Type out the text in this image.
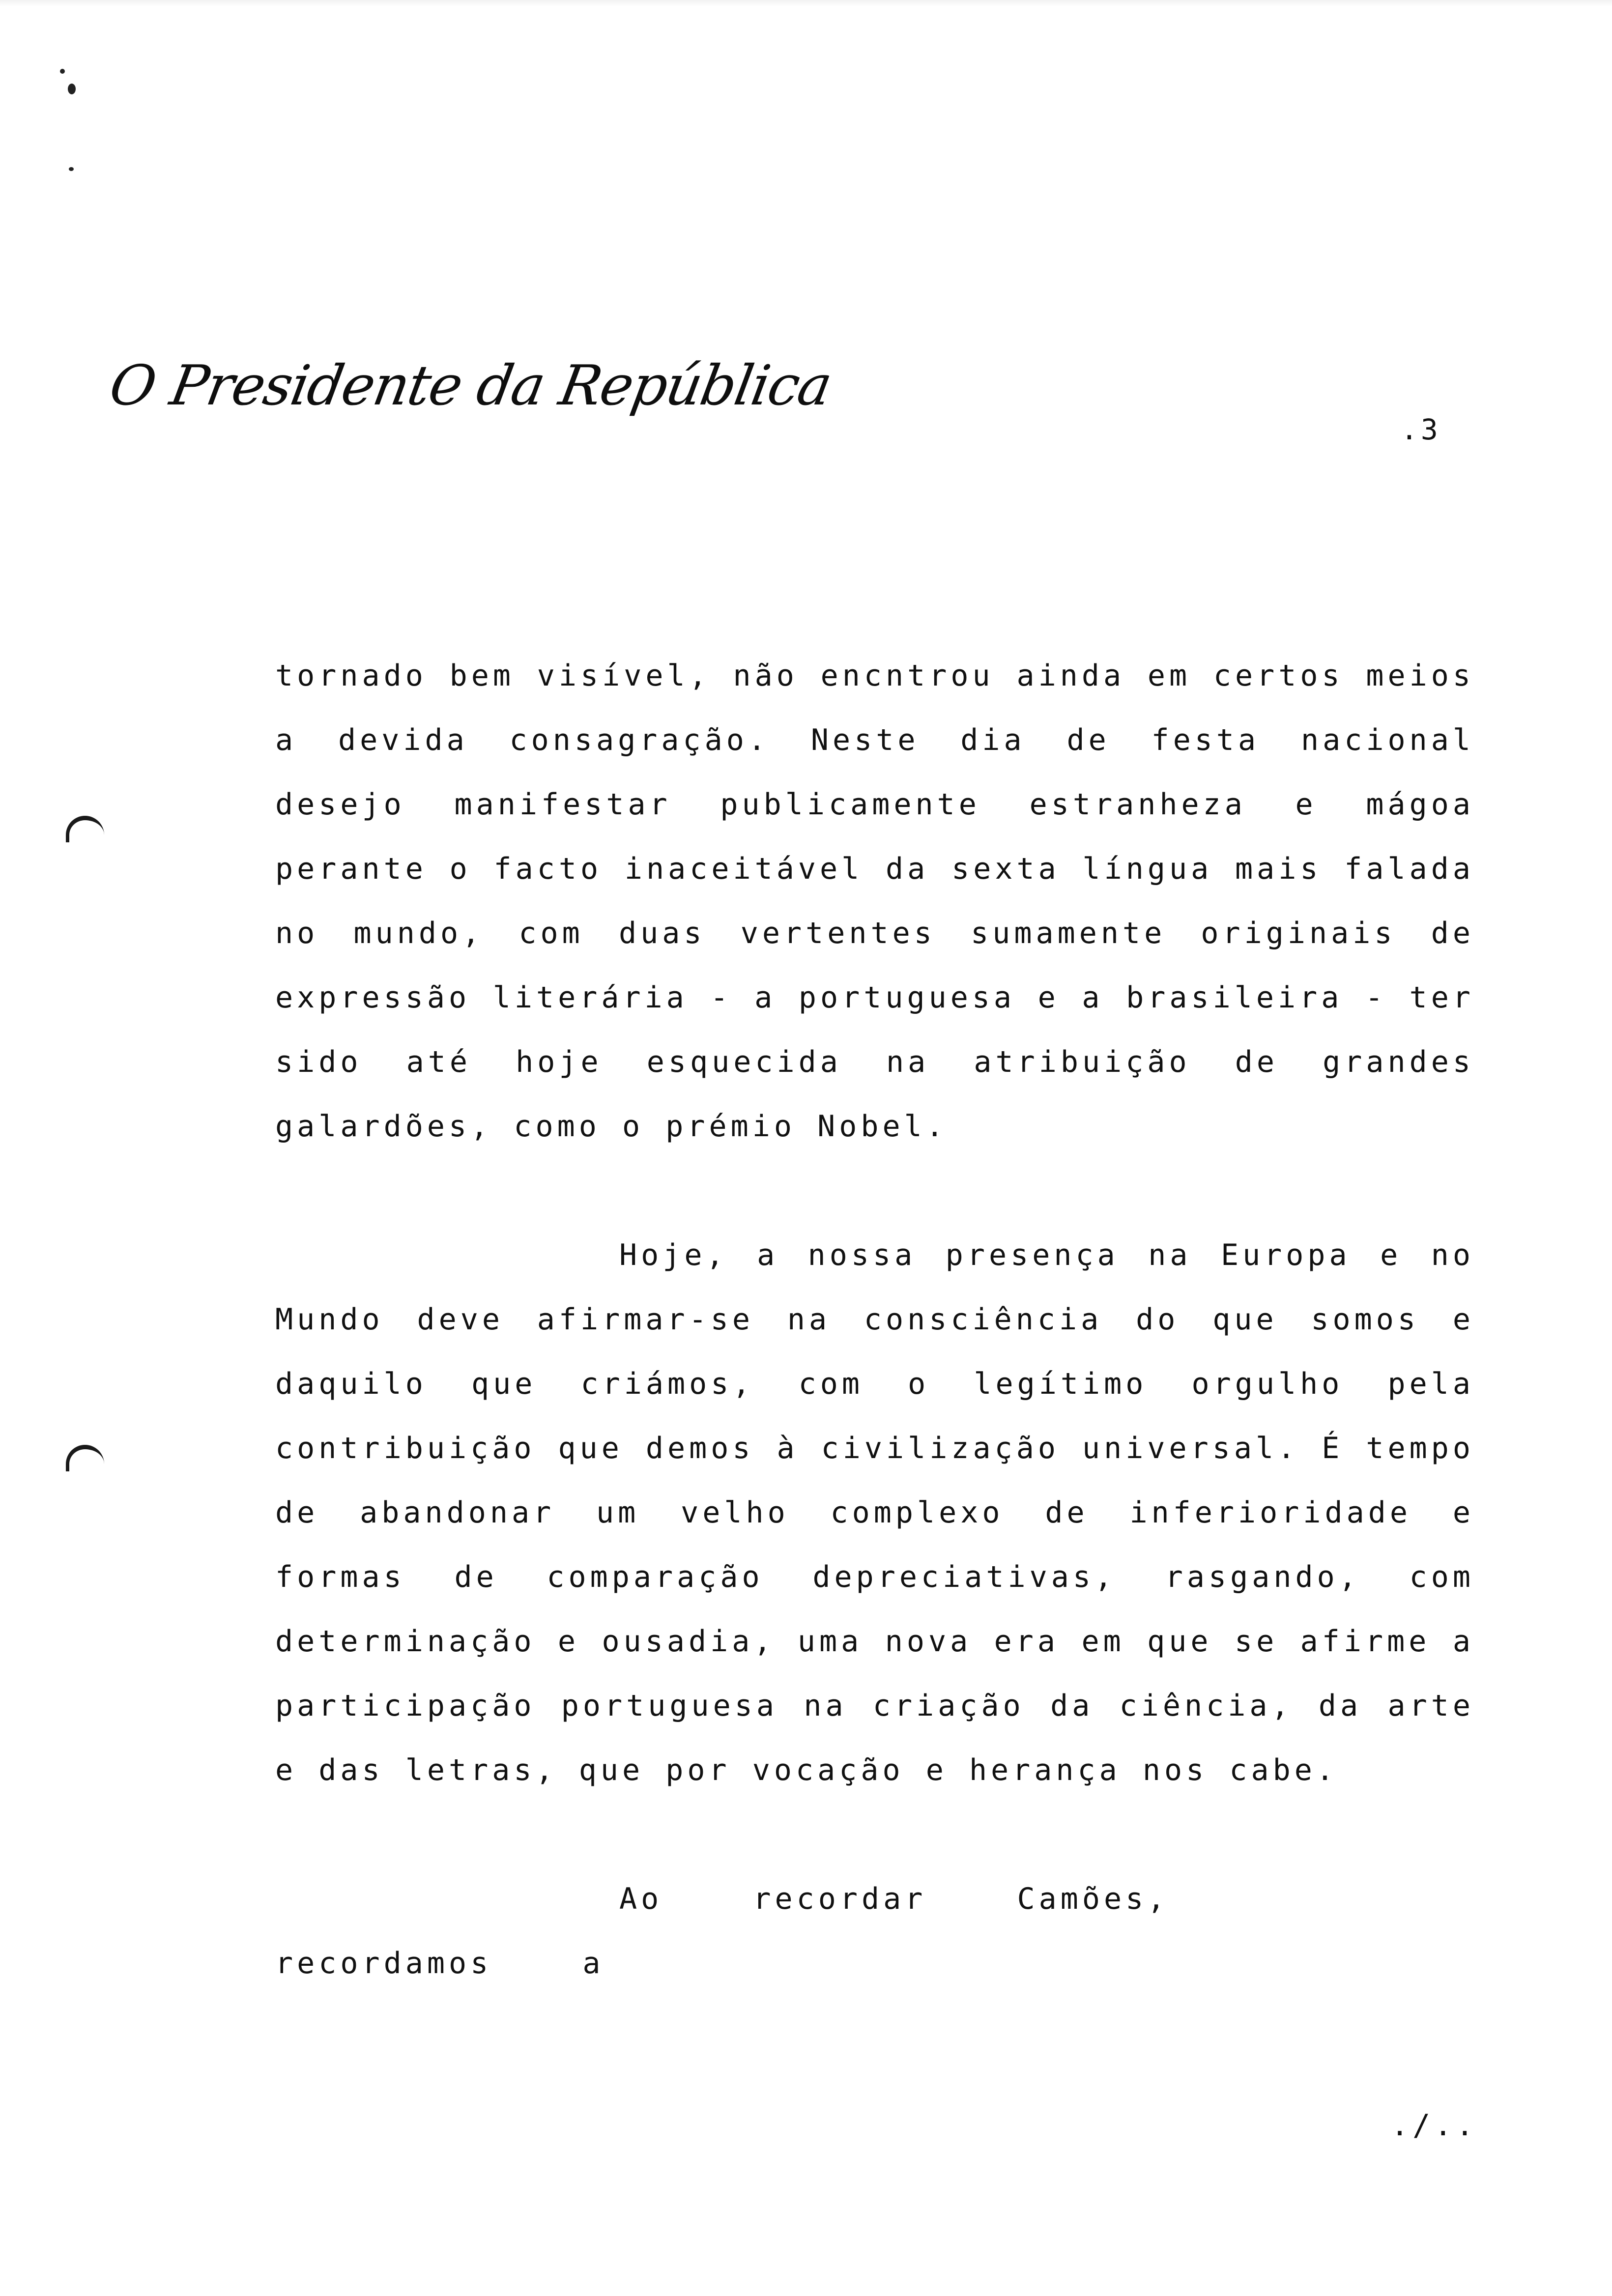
O Presidente da República
.3

tornado bem visível, não encntrou ainda em certos meios a devida consagração. Neste dia de festa nacional desejo manifestar publicamente estranheza e mágoa perante o facto inaceitável da sexta língua mais falada no mundo, com duas vertentes sumamente originais de expressão literária - a portuguesa e a brasileira - ter sido até hoje esquecida na atribuição de grandes galardões, como o prémio Nobel.

Hoje, a nossa presença na Europa e no Mundo deve afirmar-se na consciência do que somos e daquilo que criámos, com o legítimo orgulho pela contribuição que demos à civilização universal. É tempo de abandonar um velho complexo de inferioridade e formas de comparação depreciativas, rasgando, com determinação e ousadia, uma nova era em que se afirme a participação portuguesa na criação da ciência, da arte e das letras, que por vocação e herança nos cabe.

Ao recordar Camões, recordamos a

./..
